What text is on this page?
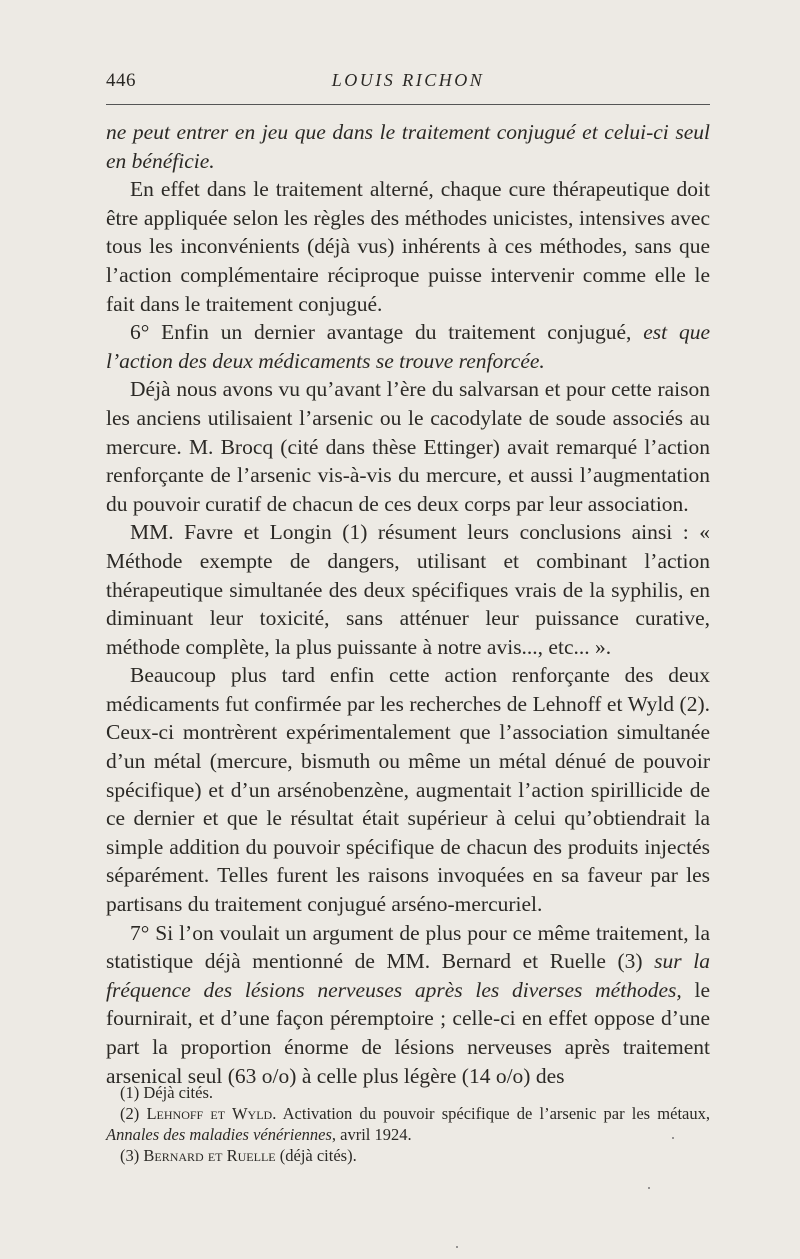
446	LOUIS RICHON

ne peut entrer en jeu que dans le traitement conjugué et celui-ci seul en bénéficie.

En effet dans le traitement alterné, chaque cure thérapeutique doit être appliquée selon les règles des méthodes unicistes, intensives avec tous les inconvénients (déjà vus) inhérents à ces méthodes, sans que l’action complémentaire réciproque puisse intervenir comme elle le fait dans le traitement conjugué.

6° Enfin un dernier avantage du traitement conjugué, est que l’action des deux médicaments se trouve renforcée.

Déjà nous avons vu qu’avant l’ère du salvarsan et pour cette raison les anciens utilisaient l’arsenic ou le cacodylate de soude associés au mercure. M. Brocq (cité dans thèse Ettinger) avait remarqué l’action renforçante de l’arsenic vis-à-vis du mercure, et aussi l’augmentation du pouvoir curatif de chacun de ces deux corps par leur association.

MM. Favre et Longin (1) résument leurs conclusions ainsi : « Méthode exempte de dangers, utilisant et combinant l’action thérapeutique simultanée des deux spécifiques vrais de la syphilis, en diminuant leur toxicité, sans atténuer leur puissance curative, méthode complète, la plus puissante à notre avis..., etc... ».

Beaucoup plus tard enfin cette action renforçante des deux médicaments fut confirmée par les recherches de Lehnoff et Wyld (2). Ceux-ci montrèrent expérimentalement que l’association simultanée d’un métal (mercure, bismuth ou même un métal dénué de pouvoir spécifique) et d’un arsénobenzène, augmentait l’action spirillicide de ce dernier et que le résultat était supérieur à celui qu’obtiendrait la simple addition du pouvoir spécifique de chacun des produits injectés séparément. Telles furent les raisons invoquées en sa faveur par les partisans du traitement conjugué arséno-mercuriel.

7° Si l’on voulait un argument de plus pour ce même traitement, la statistique déjà mentionné de MM. Bernard et Ruelle (3) sur la fréquence des lésions nerveuses après les diverses méthodes, le fournirait, et d’une façon péremptoire ; celle-ci en effet oppose d’une part la proportion énorme de lésions nerveuses après traitement arsenical seul (63 o/o) à celle plus légère (14 o/o) des

(1) Déjà cités.

(2) Lehnoff et Wyld. Activation du pouvoir spécifique de l’arsenic par les métaux, Annales des maladies vénériennes, avril 1924.

(3) Bernard et Ruelle (déjà cités).
